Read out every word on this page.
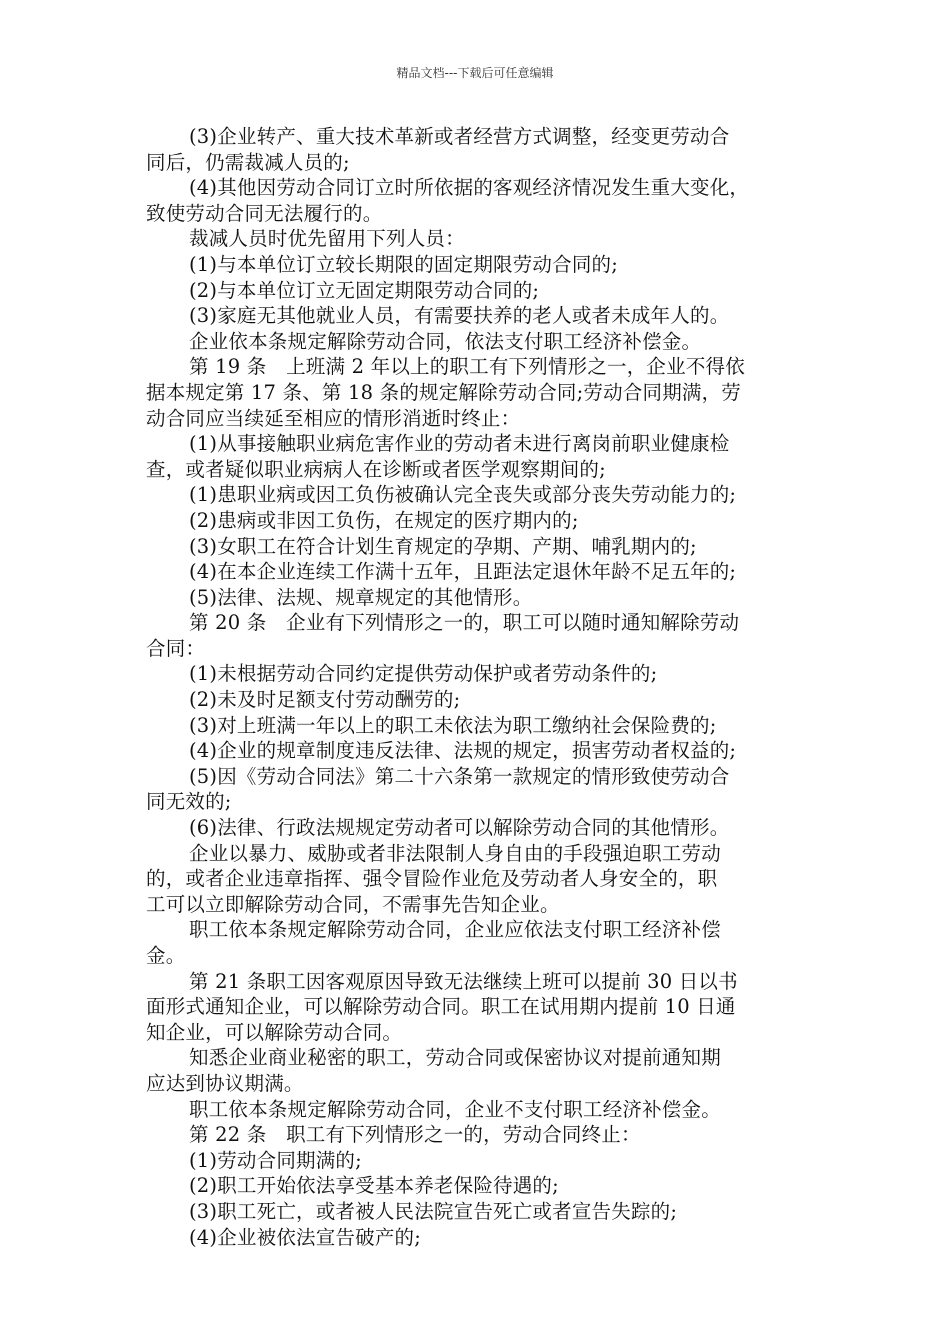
精品文档---下载后可任意编辑
(3)企业转产、重大技术革新或者经营方式调整，经变更劳动合
同后，仍需裁减人员的;
(4)其他因劳动合同订立时所依据的客观经济情况发生重大变化，
致使劳动合同无法履行的。
裁减人员时优先留用下列人员：
(1)与本单位订立较长期限的固定期限劳动合同的;
(2)与本单位订立无固定期限劳动合同的;
(3)家庭无其他就业人员，有需要扶养的老人或者未成年人的。
企业依本条规定解除劳动合同，依法支付职工经济补偿金。
第 19 条　上班满 2 年以上的职工有下列情形之一，企业不得依
据本规定第 17 条、第 18 条的规定解除劳动合同;劳动合同期满，劳
动合同应当续延至相应的情形消逝时终止：
(1)从事接触职业病危害作业的劳动者未进行离岗前职业健康检
查，或者疑似职业病病人在诊断或者医学观察期间的;
(1)患职业病或因工负伤被确认完全丧失或部分丧失劳动能力的;
(2)患病或非因工负伤，在规定的医疗期内的;
(3)女职工在符合计划生育规定的孕期、产期、哺乳期内的;
(4)在本企业连续工作满十五年，且距法定退休年龄不足五年的;
(5)法律、法规、规章规定的其他情形。
第 20 条　企业有下列情形之一的，职工可以随时通知解除劳动
合同：
(1)未根据劳动合同约定提供劳动保护或者劳动条件的;
(2)未及时足额支付劳动酬劳的;
(3)对上班满一年以上的职工未依法为职工缴纳社会保险费的;
(4)企业的规章制度违反法律、法规的规定，损害劳动者权益的;
(5)因《劳动合同法》第二十六条第一款规定的情形致使劳动合
同无效的;
(6)法律、行政法规规定劳动者可以解除劳动合同的其他情形。
企业以暴力、威胁或者非法限制人身自由的手段强迫职工劳动
的，或者企业违章指挥、强令冒险作业危及劳动者人身安全的，职
工可以立即解除劳动合同，不需事先告知企业。
职工依本条规定解除劳动合同，企业应依法支付职工经济补偿
金。
第 21 条职工因客观原因导致无法继续上班可以提前 30 日以书
面形式通知企业，可以解除劳动合同。职工在试用期内提前 10 日通
知企业，可以解除劳动合同。
知悉企业商业秘密的职工，劳动合同或保密协议对提前通知期
应达到协议期满。
职工依本条规定解除劳动合同，企业不支付职工经济补偿金。
第 22 条　职工有下列情形之一的，劳动合同终止：
(1)劳动合同期满的;
(2)职工开始依法享受基本养老保险待遇的;
(3)职工死亡，或者被人民法院宣告死亡或者宣告失踪的;
(4)企业被依法宣告破产的;
